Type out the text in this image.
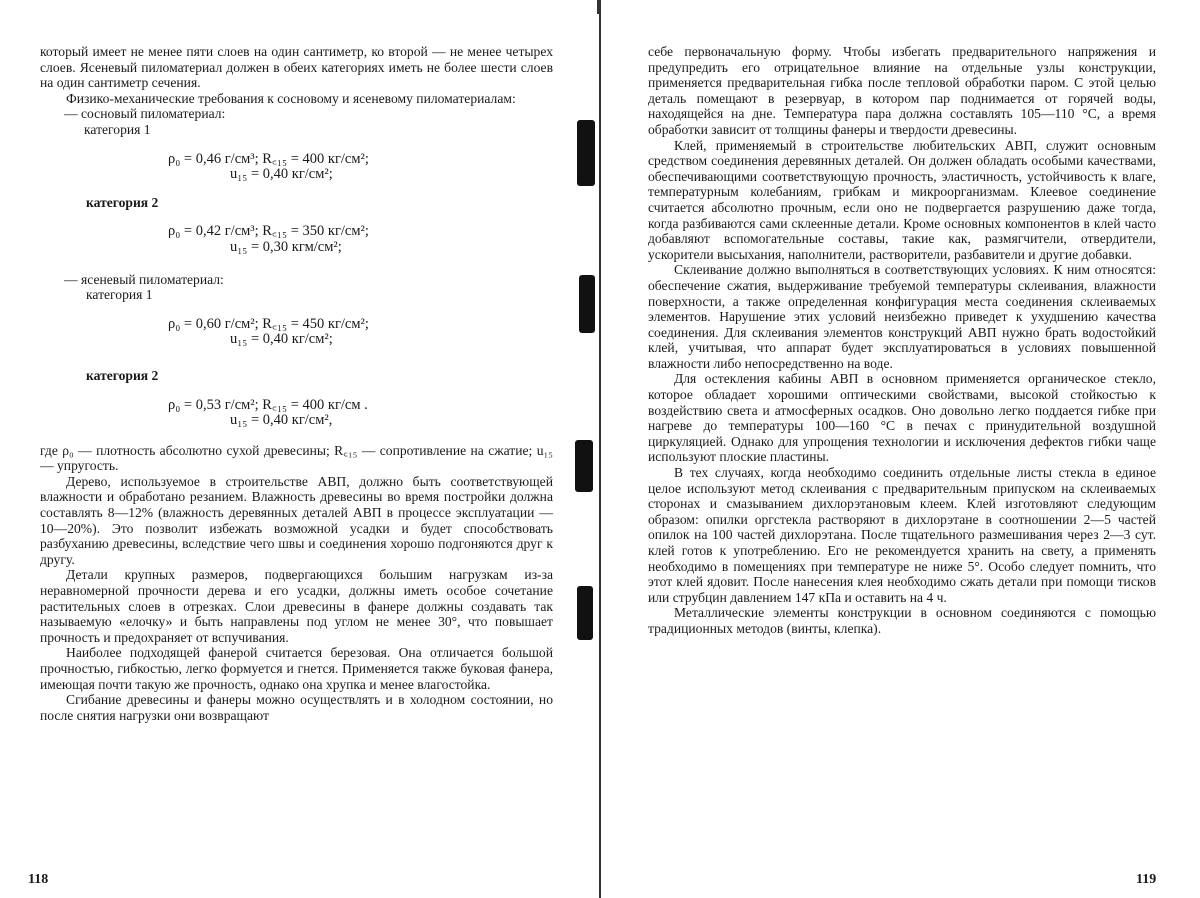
который имеет не менее пяти слоев на один сантиметр, ко второй — не менее четырех слоев. Ясеневый пиломатериал должен в обеих категориях иметь не более шести слоев на один сантиметр сечения.

Физико-механические требования к сосновому и ясеневому пиломатериалам:

— сосновый пиломатериал:
категория 1
ρ₀ = 0,46 г/см³; R꜀₁₅ = 400 кг/см²;
u₁₅ = 0,40 кг/см²;
категория 2
ρ₀ = 0,42 г/см³; R꜀₁₅ = 350 кг/см²;
u₁₅ = 0,30 кгм/см²;
— ясеневый пиломатериал:
категория 1
ρ₀ = 0,60 г/см²; R꜀₁₅ = 450 кг/см²;
u₁₅ = 0,40 кг/см²;
категория 2
ρ₀ = 0,53 г/см²; R꜀₁₅ = 400 кг/см .
u₁₅ = 0,40 кг/см²,

где ρ₀ — плотность абсолютно сухой древесины; R꜀₁₅ — сопротивление на сжатие; u₁₅ — упругость.

Дерево, используемое в строительстве АВП, должно быть соответствующей влажности и обработано резанием. Влажность древесины во время постройки должна составлять 8—12% (влажность деревянных деталей АВП в процессе эксплуатации — 10—20%). Это позволит избежать возможной усадки и будет способствовать разбуханию древесины, вследствие чего швы и соединения хорошо подгоняются друг к другу.

Детали крупных размеров, подвергающихся большим нагрузкам из-за неравномерной прочности дерева и его усадки, должны иметь особое сочетание растительных слоев в отрезках. Слои древесины в фанере должны создавать так называемую «елочку» и быть направлены под углом не менее 30°, что повышает прочность и предохраняет от вспучивания.

Наиболее подходящей фанерой считается березовая. Она отличается большой прочностью, гибкостью, легко формуется и гнется. Применяется также буковая фанера, имеющая почти такую же прочность, однако она хрупка и менее влагостойка.

Сгибание древесины и фанеры можно осуществлять и в холодном состоянии, но после снятия нагрузки они возвращают

118

себе первоначальную форму. Чтобы избегать предварительного напряжения и предупредить его отрицательное влияние на отдельные узлы конструкции, применяется предварительная гибка после тепловой обработки паром. С этой целью деталь помещают в резервуар, в котором пар поднимается от горячей воды, находящейся на дне. Температура пара должна составлять 105—110 °С, а время обработки зависит от толщины фанеры и твердости древесины.

Клей, применяемый в строительстве любительских АВП, служит основным средством соединения деревянных деталей. Он должен обладать особыми качествами, обеспечивающими соответствующую прочность, эластичность, устойчивость к влаге, температурным колебаниям, грибкам и микроорганизмам. Клеевое соединение считается абсолютно прочным, если оно не подвергается разрушению даже тогда, когда разбиваются сами склеенные детали. Кроме основных компонентов в клей часто добавляют вспомогательные составы, такие как, размягчители, отвердители, ускорители высыхания, наполнители, растворители, разбавители и другие добавки.

Склеивание должно выполняться в соответствующих условиях. К ним относятся: обеспечение сжатия, выдерживание требуемой температуры склеивания, влажности поверхности, а также определенная конфигурация места соединения склеиваемых элементов. Нарушение этих условий неизбежно приведет к ухудшению качества соединения. Для склеивания элементов конструкций АВП нужно брать водостойкий клей, учитывая, что аппарат будет эксплуатироваться в условиях повышенной влажности либо непосредственно на воде.

Для остекления кабины АВП в основном применяется органическое стекло, которое обладает хорошими оптическими свойствами, высокой стойкостью к воздействию света и атмосферных осадков. Оно довольно легко поддается гибке при нагреве до температуры 100—160 °С в печах с принудительной воздушной циркуляцией. Однако для упрощения технологии и исключения дефектов гибки чаще используют плоские пластины.

В тех случаях, когда необходимо соединить отдельные листы стекла в единое целое используют метод склеивания с предварительным припуском на склеиваемых сторонах и смазыванием дихлорэтановым клеем. Клей изготовляют следующим образом: опилки оргстекла растворяют в дихлорэтане в соотношении 2—5 частей опилок на 100 частей дихлорэтана. После тщательного размешивания через 2—3 сут. клей готов к употреблению. Его не рекомендуется хранить на свету, а применять необходимо в помещениях при температуре не ниже 5°. Особо следует помнить, что этот клей ядовит. После нанесения клея необходимо сжать детали при помощи тисков или струбцин давлением 147 кПа и оставить на 4 ч.

Металлические элементы конструкции в основном соединяются с помощью традиционных методов (винты, клепка).

119
